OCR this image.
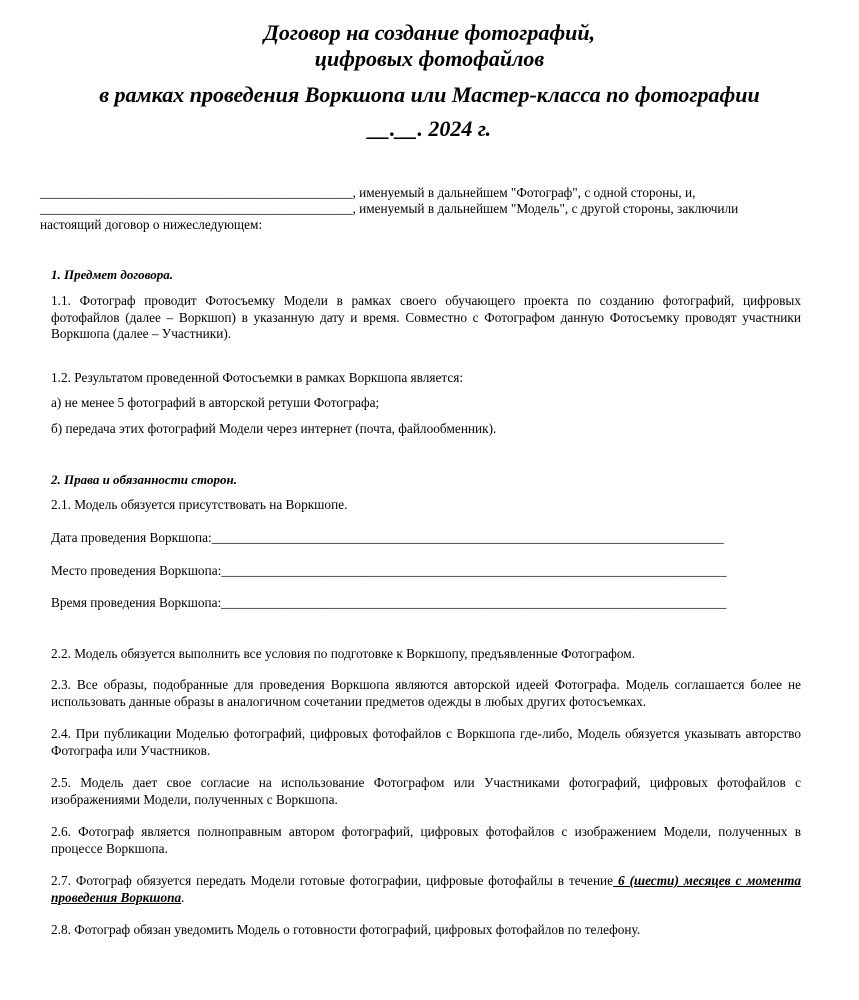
Договор на создание фотографий,
цифровых фотофайлов
в рамках проведения Воркшопа или Мастер-класса по фотографии
__.__. 2024 г.
_______________________________________________, именуемый в дальнейшем "Фотограф", с одной стороны, и,
_______________________________________________, именуемый в дальнейшем "Модель", с другой стороны, заключили
настоящий договор о нижеследующем:
1. Предмет договора.
1.1. Фотограф проводит Фотосъемку Модели в рамках своего обучающего проекта по созданию фотографий, цифровых фотофайлов (далее – Воркшоп) в указанную дату и время. Совместно с Фотографом данную Фотосъемку проводят участники Воркшопа (далее – Участники).
1.2. Результатом проведенной Фотосъемки в рамках Воркшопа является:
а) не менее 5 фотографий в авторской ретуши Фотографа;
б) передача этих фотографий Модели через интернет (почта, файлообменник).
2. Права и обязанности сторон.
2.1. Модель обязуется присутствовать на Воркшопе.
Дата проведения Воркшопа:_____________________________________________________________________________
Место проведения Воркшопа:____________________________________________________________________________
Время проведения Воркшопа:____________________________________________________________________________
2.2. Модель обязуется выполнить все условия по подготовке к Воркшопу, предъявленные Фотографом.
2.3. Все образы, подобранные для проведения Воркшопа являются авторской идеей Фотографа. Модель соглашается более не использовать данные образы в аналогичном сочетании предметов одежды в любых других фотосъемках.
2.4. При публикации Моделью фотографий, цифровых фотофайлов с Воркшопа где-либо, Модель обязуется указывать авторство Фотографа или Участников.
2.5. Модель дает свое согласие на использование Фотографом или Участниками фотографий, цифровых фотофайлов с изображениями Модели, полученных с Воркшопа.
2.6. Фотограф является полноправным автором фотографий, цифровых фотофайлов с изображением Модели, полученных в процессе Воркшопа.
2.7. Фотограф обязуется передать Модели готовые фотографии, цифровые фотофайлы в течение 6 (шести) месяцев с момента проведения Воркшопа.
2.8. Фотограф обязан уведомить Модель о готовности фотографий, цифровых фотофайлов по телефону.
